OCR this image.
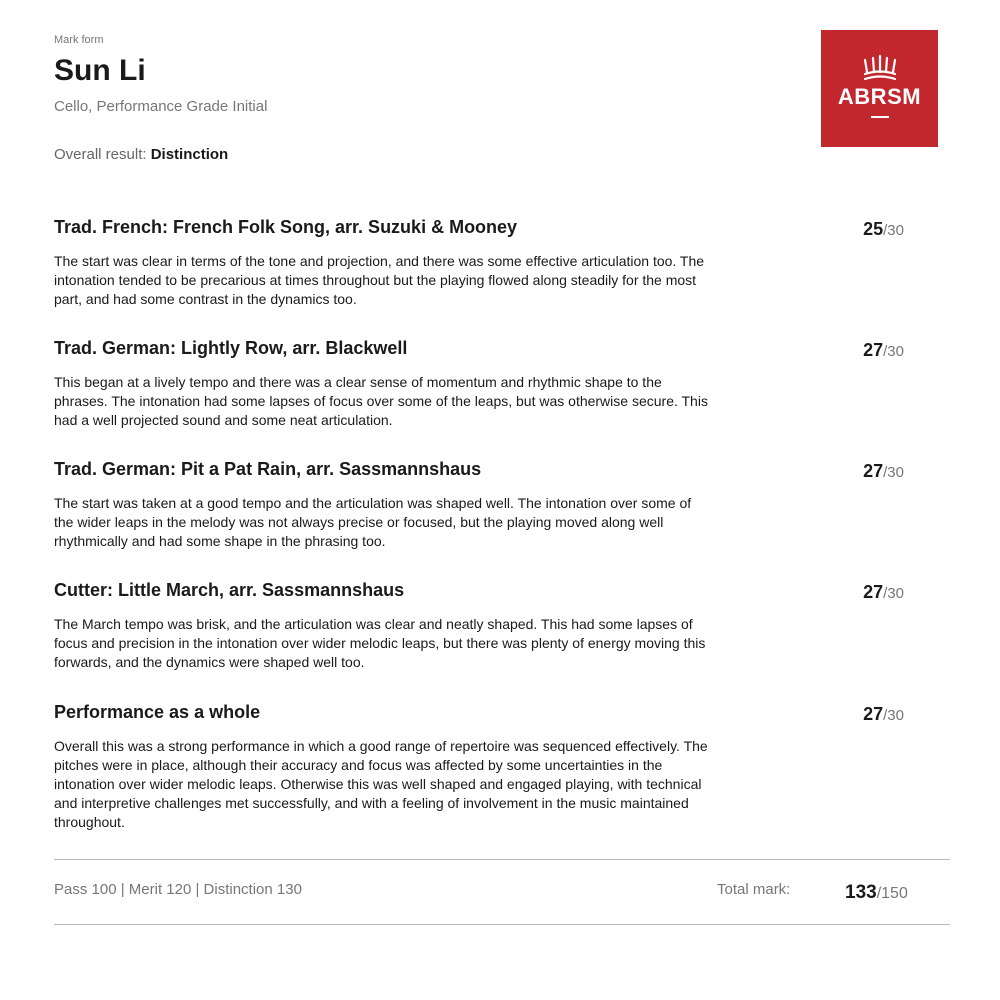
Mark form
Sun Li
Cello, Performance Grade Initial
Overall result: Distinction
ABRSM
Trad. French: French Folk Song, arr. Suzuki & Mooney	25/30
The start was clear in terms of the tone and projection, and there was some effective articulation too. The intonation tended to be precarious at times throughout but the playing flowed along steadily for the most part, and had some contrast in the dynamics too.
Trad. German: Lightly Row, arr. Blackwell	27/30
This began at a lively tempo and there was a clear sense of momentum and rhythmic shape to the phrases. The intonation had some lapses of focus over some of the leaps, but was otherwise secure. This had a well projected sound and some neat articulation.
Trad. German: Pit a Pat Rain, arr. Sassmannshaus	27/30
The start was taken at a good tempo and the articulation was shaped well. The intonation over some of the wider leaps in the melody was not always precise or focused, but the playing moved along well rhythmically and had some shape in the phrasing too.
Cutter: Little March, arr. Sassmannshaus	27/30
The March tempo was brisk, and the articulation was clear and neatly shaped. This had some lapses of focus and precision in the intonation over wider melodic leaps, but there was plenty of energy moving this forwards, and the dynamics were shaped well too.
Performance as a whole	27/30
Overall this was a strong performance in which a good range of repertoire was sequenced effectively. The pitches were in place, although their accuracy and focus was affected by some uncertainties in the intonation over wider melodic leaps. Otherwise this was well shaped and engaged playing, with technical and interpretive challenges met successfully, and with a feeling of involvement in the music maintained throughout.
Pass 100 | Merit 120 | Distinction 130	Total mark:	133/150
